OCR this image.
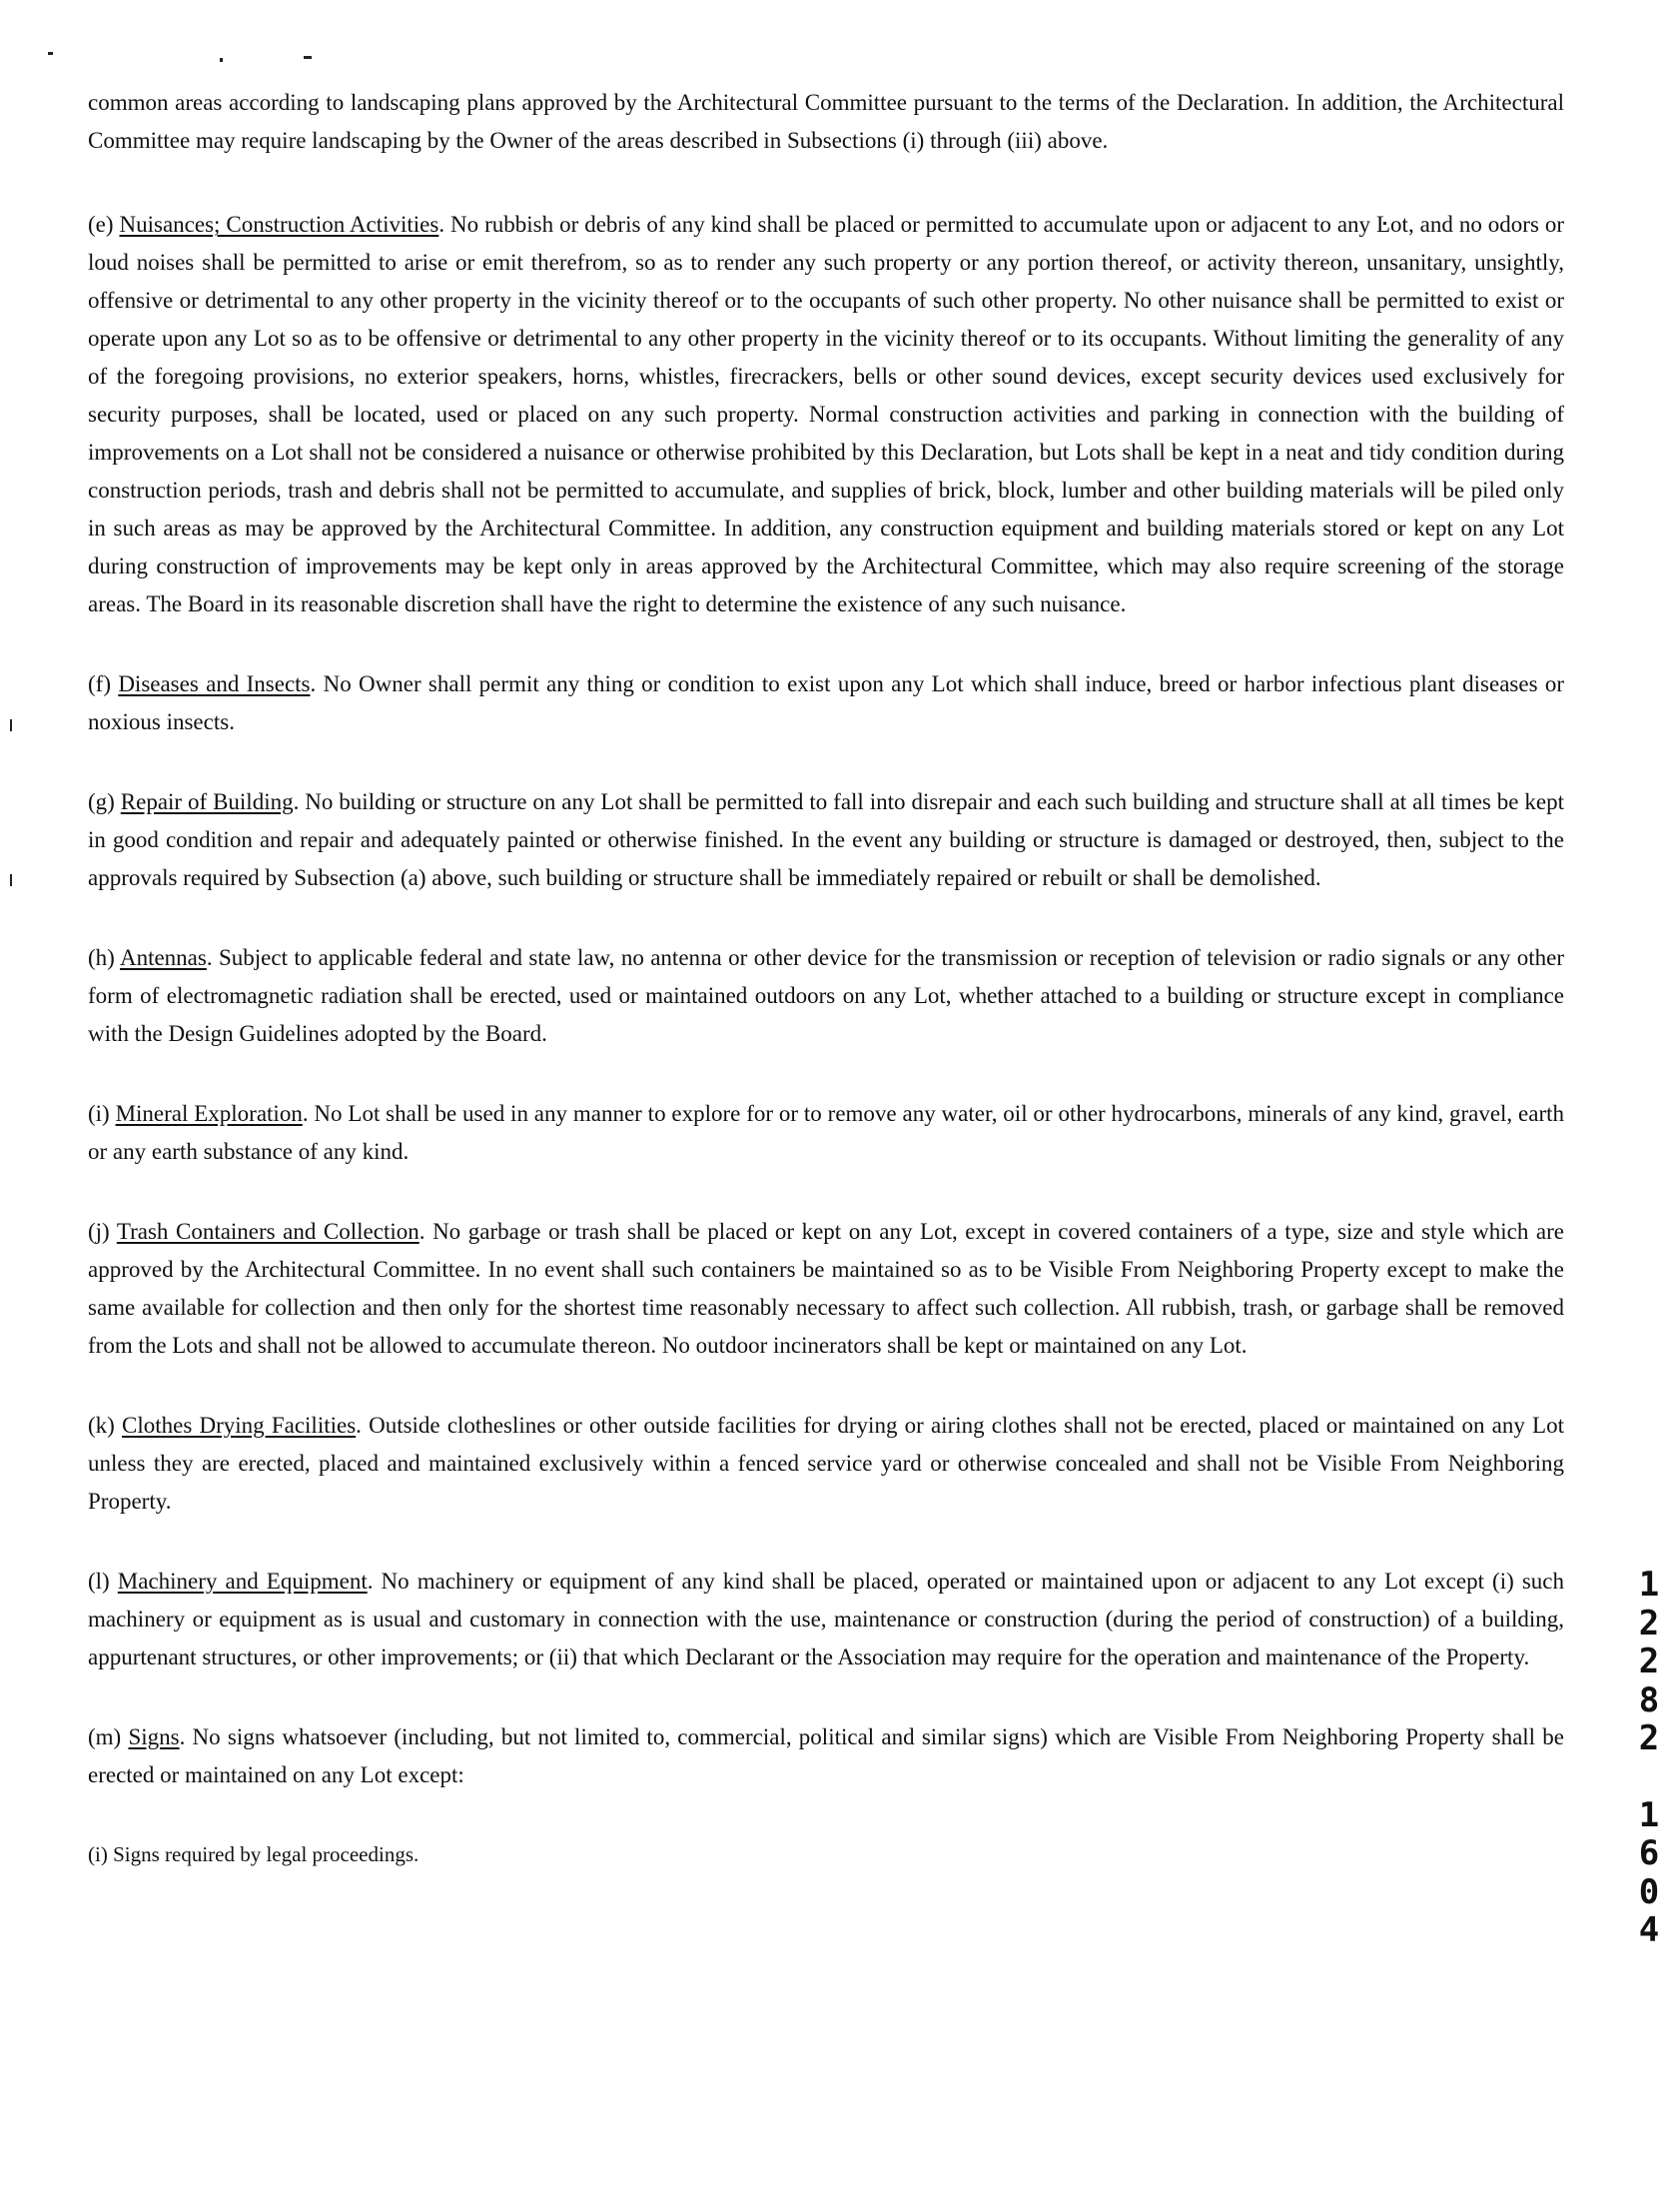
common areas according to landscaping plans approved by the Architectural Committee pursuant to the terms of the Declaration. In addition, the Architectural Committee may require landscaping by the Owner of the areas described in Subsections (i) through (iii) above.

(e) Nuisances; Construction Activities. No rubbish or debris of any kind shall be placed or permitted to accumulate upon or adjacent to any Lot, and no odors or loud noises shall be permitted to arise or emit therefrom, so as to render any such property or any portion thereof, or activity thereon, unsanitary, unsightly, offensive or detrimental to any other property in the vicinity thereof or to the occupants of such other property. No other nuisance shall be permitted to exist or operate upon any Lot so as to be offensive or detrimental to any other property in the vicinity thereof or to its occupants. Without limiting the generality of any of the foregoing provisions, no exterior speakers, horns, whistles, firecrackers, bells or other sound devices, except security devices used exclusively for security purposes, shall be located, used or placed on any such property. Normal construction activities and parking in connection with the building of improvements on a Lot shall not be considered a nuisance or otherwise prohibited by this Declaration, but Lots shall be kept in a neat and tidy condition during construction periods, trash and debris shall not be permitted to accumulate, and supplies of brick, block, lumber and other building materials will be piled only in such areas as may be approved by the Architectural Committee. In addition, any construction equipment and building materials stored or kept on any Lot during construction of improvements may be kept only in areas approved by the Architectural Committee, which may also require screening of the storage areas. The Board in its reasonable discretion shall have the right to determine the existence of any such nuisance.

(f) Diseases and Insects. No Owner shall permit any thing or condition to exist upon any Lot which shall induce, breed or harbor infectious plant diseases or noxious insects.

(g) Repair of Building. No building or structure on any Lot shall be permitted to fall into disrepair and each such building and structure shall at all times be kept in good condition and repair and adequately painted or otherwise finished. In the event any building or structure is damaged or destroyed, then, subject to the approvals required by Subsection (a) above, such building or structure shall be immediately repaired or rebuilt or shall be demolished.

(h) Antennas. Subject to applicable federal and state law, no antenna or other device for the transmission or reception of television or radio signals or any other form of electromagnetic radiation shall be erected, used or maintained outdoors on any Lot, whether attached to a building or structure except in compliance with the Design Guidelines adopted by the Board.

(i) Mineral Exploration. No Lot shall be used in any manner to explore for or to remove any water, oil or other hydrocarbons, minerals of any kind, gravel, earth or any earth substance of any kind.

(j) Trash Containers and Collection. No garbage or trash shall be placed or kept on any Lot, except in covered containers of a type, size and style which are approved by the Architectural Committee. In no event shall such containers be maintained so as to be Visible From Neighboring Property except to make the same available for collection and then only for the shortest time reasonably necessary to affect such collection. All rubbish, trash, or garbage shall be removed from the Lots and shall not be allowed to accumulate thereon. No outdoor incinerators shall be kept or maintained on any Lot.

(k) Clothes Drying Facilities. Outside clotheslines or other outside facilities for drying or airing clothes shall not be erected, placed or maintained on any Lot unless they are erected, placed and maintained exclusively within a fenced service yard or otherwise concealed and shall not be Visible From Neighboring Property.

(l) Machinery and Equipment. No machinery or equipment of any kind shall be placed, operated or maintained upon or adjacent to any Lot except (i) such machinery or equipment as is usual and customary in connection with the use, maintenance or construction (during the period of construction) of a building, appurtenant structures, or other improvements; or (ii) that which Declarant or the Association may require for the operation and maintenance of the Property.

(m) Signs. No signs whatsoever (including, but not limited to, commercial, political and similar signs) which are Visible From Neighboring Property shall be erected or maintained on any Lot except:

(i) Signs required by legal proceedings.

1
2
2
8
2
1
6
0
4
